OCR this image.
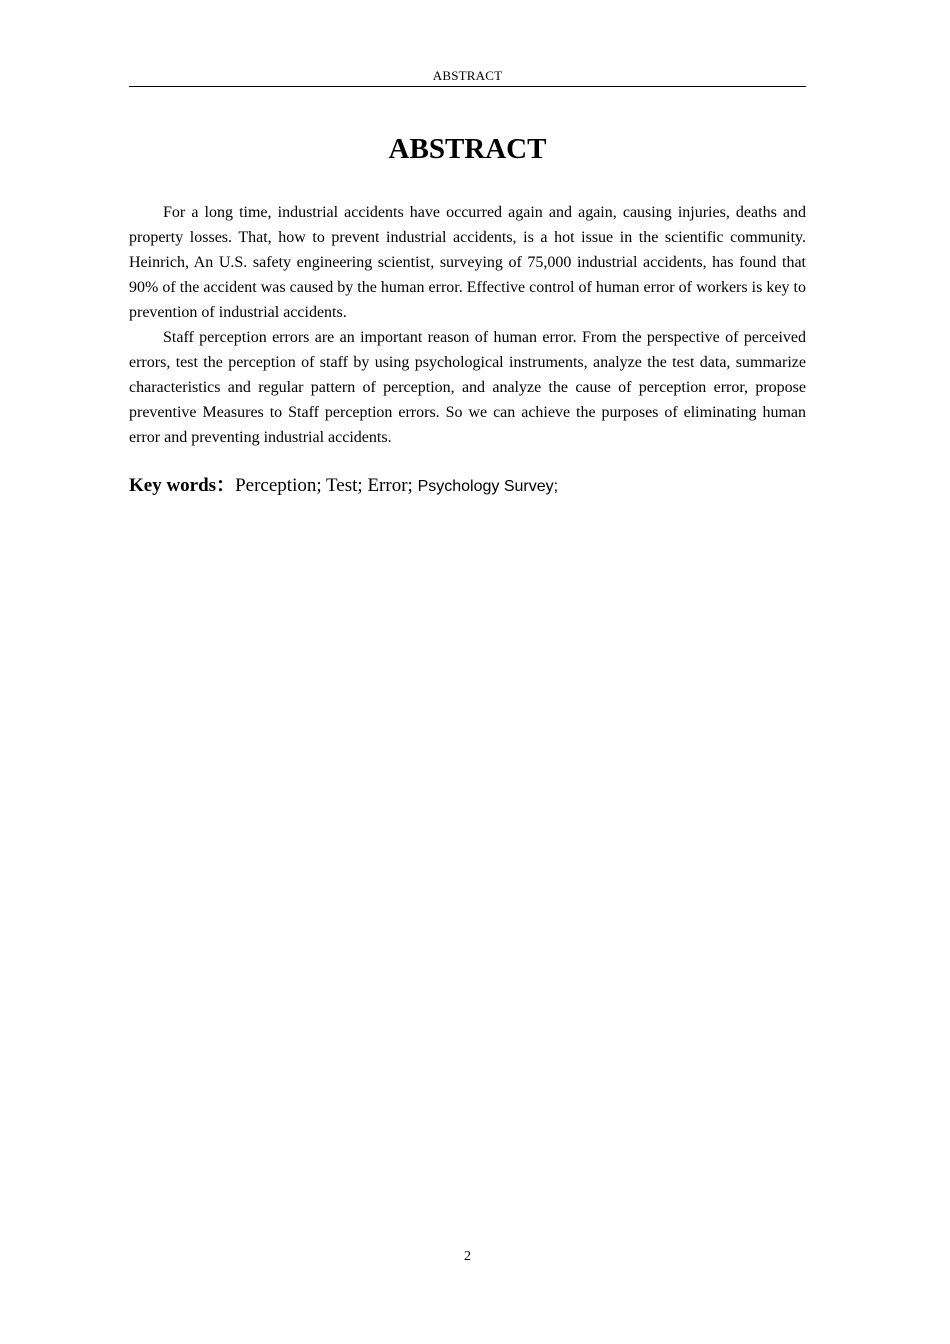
ABSTRACT
ABSTRACT

For a long time, industrial accidents have occurred again and again, causing injuries, deaths and property losses. That, how to prevent industrial accidents, is a hot issue in the scientific community. Heinrich, An U.S. safety engineering scientist, surveying of 75,000 industrial accidents, has found that 90% of the accident was caused by the human error. Effective control of human error of workers is key to prevention of industrial accidents.

Staff perception errors are an important reason of human error. From the perspective of perceived errors, test the perception of staff by using psychological instruments, analyze the test data, summarize characteristics and regular pattern of perception, and analyze the cause of perception error, propose preventive Measures to Staff perception errors. So we can achieve the purposes of eliminating human error and preventing industrial accidents.

Key words：Perception; Test; Error; Psychology Survey;
2
